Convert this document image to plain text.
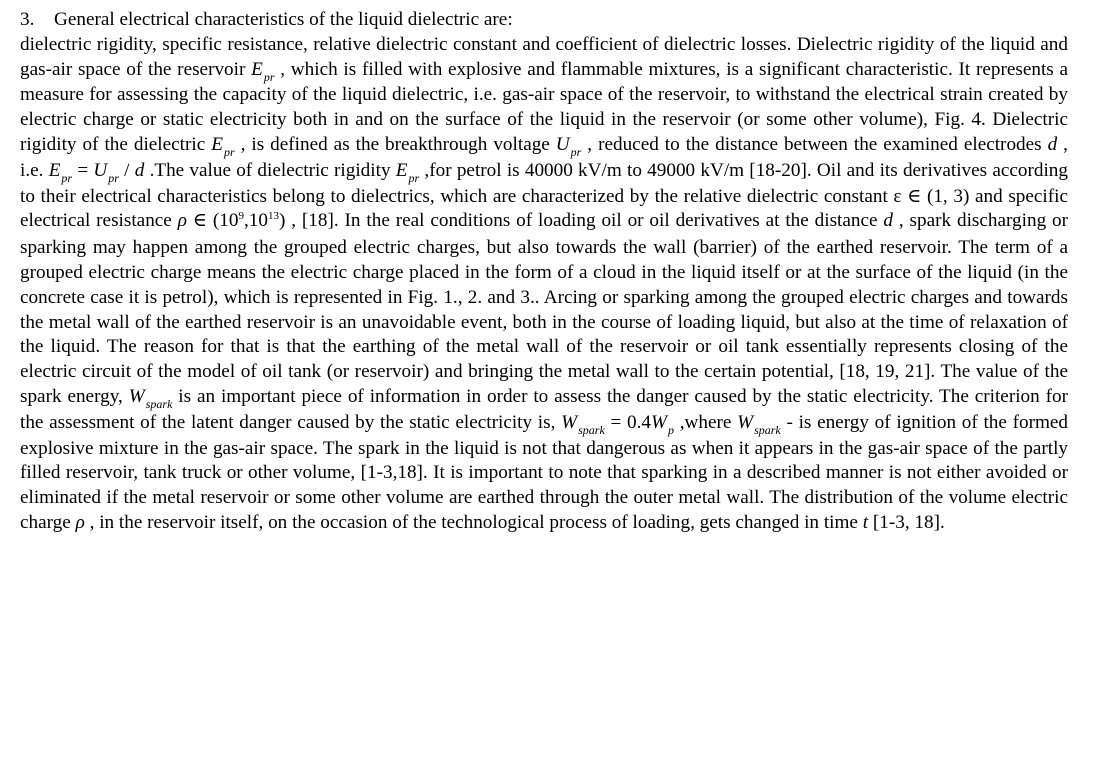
3. General electrical characteristics of the liquid dielectric are:

dielectric rigidity, specific resistance, relative dielectric constant and coefficient of dielectric losses. Dielectric rigidity of the liquid and gas-air space of the reservoir $E_{pr}$ , which is filled with explosive and flammable mixtures, is a significant characteristic. It represents a measure for assessing the capacity of the liquid dielectric, i.e. gas-air space of the reservoir, to withstand the electrical strain created by electric charge or static electricity both in and on the surface of the liquid in the reservoir (or some other volume), Fig. 4. Dielectric rigidity of the dielectric $E_{pr}$ , is defined as the breakthrough voltage $U_{pr}$ , reduced to the distance between the examined electrodes d , i.e. $E_{pr} = U_{pr} / d$ .The value of dielectric rigidity $E_{pr}$ ,for petrol is 40000 kV/m to 49000 kV/m [18-20]. Oil and its derivatives according to their electrical characteristics belong to dielectrics, which are characterized by the relative dielectric constant ε ∈ (1, 3) and specific electrical resistance ρ ∈ $(10^9,10^{13})$ , [18]. In the real conditions of loading oil or oil derivatives at the distance d , spark discharging or sparking may happen among the grouped electric charges, but also towards the wall (barrier) of the earthed reservoir. The term of a grouped electric charge means the electric charge placed in the form of a cloud in the liquid itself or at the surface of the liquid (in the concrete case it is petrol), which is represented in Fig. 1., 2. and 3.. Arcing or sparking among the grouped electric charges and towards the metal wall of the earthed reservoir is an unavoidable event, both in the course of loading liquid, but also at the time of relaxation of the liquid. The reason for that is that the earthing of the metal wall of the reservoir or oil tank essentially represents closing of the electric circuit of the model of oil tank (or reservoir) and bringing the metal wall to the certain potential, [18, 19, 21]. The value of the spark energy, $W_{spark}$ is an important piece of information in order to assess the danger caused by the static electricity. The criterion for the assessment of the latent danger caused by the static electricity is, $W_{spark} = 0.4W_p$ ,where $W_{spark}$ - is energy of ignition of the formed explosive mixture in the gas-air space. The spark in the liquid is not that dangerous as when it appears in the gas-air space of the partly filled reservoir, tank truck or other volume, [1-3,18]. It is important to note that sparking in a described manner is not either avoided or eliminated if the metal reservoir or some other volume are earthed through the outer metal wall. The distribution of the volume electric charge ρ , in the reservoir itself, on the occasion of the technological process of loading, gets changed in time t [1-3, 18].
